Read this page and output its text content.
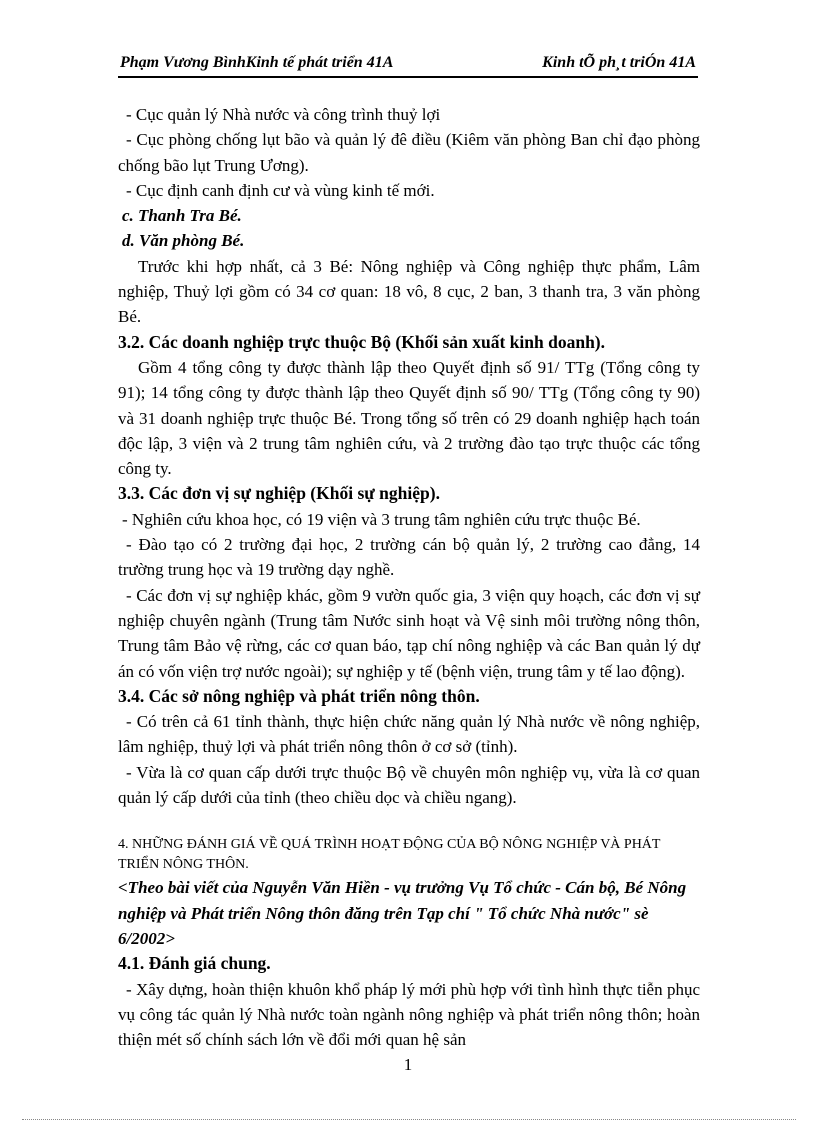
Phạm Vương BìnhKinh tế phát triển 41A	Kinh tÕ ph¸t triÓn 41A

- Cục quản lý Nhà nước và công trình thuỷ lợi

- Cục phòng chống lụt bão và quản lý đê điều (Kiêm văn phòng Ban chỉ đạo phòng chống bão lụt Trung Ương).

- Cục định canh định cư và vùng kinh tế mới.

c. Thanh Tra Bé.

d. Văn phòng Bé.

Trước khi hợp nhất, cả 3 Bé: Nông nghiệp và Công nghiệp thực phẩm, Lâm nghiệp, Thuỷ lợi gồm có 34 cơ quan: 18 vô, 8 cục, 2 ban, 3 thanh tra, 3 văn phòng Bé.

3.2. Các doanh nghiệp trực thuộc Bộ (Khối sản xuất kinh doanh).

Gồm 4 tổng công ty được thành lập theo Quyết định số 91/ TTg (Tổng công ty 91); 14 tổng công ty được thành lập theo Quyết định số 90/ TTg (Tổng công ty 90) và 31 doanh nghiệp trực thuộc Bé. Trong tổng số trên có 29 doanh nghiệp hạch toán độc lập, 3 viện và 2 trung tâm nghiên cứu, và 2 trường đào tạo trực thuộc các tổng công ty.

3.3. Các đơn vị sự nghiệp (Khối sự nghiệp).

- Nghiên cứu khoa học, có 19 viện và 3 trung tâm nghiên cứu trực thuộc Bé.

- Đào tạo có 2 trường đại học, 2 trường cán bộ quản lý, 2 trường cao đẳng, 14 trường trung học và 19 trường dạy nghề.

- Các đơn vị sự nghiệp khác, gồm 9 vườn quốc gia, 3 viện quy hoạch, các đơn vị sự nghiệp chuyên ngành (Trung tâm Nước sinh hoạt và Vệ sinh môi trường nông thôn, Trung tâm Bảo vệ rừng, các cơ quan báo, tạp chí nông nghiệp và các Ban quản lý dự án có vốn viện trợ nước ngoài); sự nghiệp y tế (bệnh viện, trung tâm y tế lao động).

3.4. Các sở nông nghiệp và phát triển nông thôn.

- Có trên cả 61 tỉnh thành, thực hiện chức năng quản lý Nhà nước về nông nghiệp, lâm nghiệp, thuỷ lợi và phát triển nông thôn ở cơ sở (tỉnh).

- Vừa là cơ quan cấp dưới trực thuộc Bộ về chuyên môn nghiệp vụ, vừa là cơ quan quản lý cấp dưới của tỉnh (theo chiều dọc và chiều ngang).

4. NHỮNG ĐÁNH GIÁ VỀ QUÁ TRÌNH HOẠT ĐỘNG CỦA BỘ NÔNG NGHIỆP VÀ PHÁT TRIỂN NÔNG THÔN.

<Theo bài viết của Nguyễn Văn Hiền - vụ trưởng Vụ Tổ chức - Cán bộ, Bé Nông nghiệp và Phát triển Nông thôn đăng trên Tạp chí " Tổ chức Nhà nước" sè 6/2002>

4.1. Đánh giá chung.

- Xây dựng, hoàn thiện khuôn khổ pháp lý mới phù hợp với tình hình thực tiễn phục vụ công tác quản lý Nhà nước toàn ngành nông nghiệp và phát triển nông thôn; hoàn thiện mét số chính sách lớn về đổi mới quan hệ sản

1
